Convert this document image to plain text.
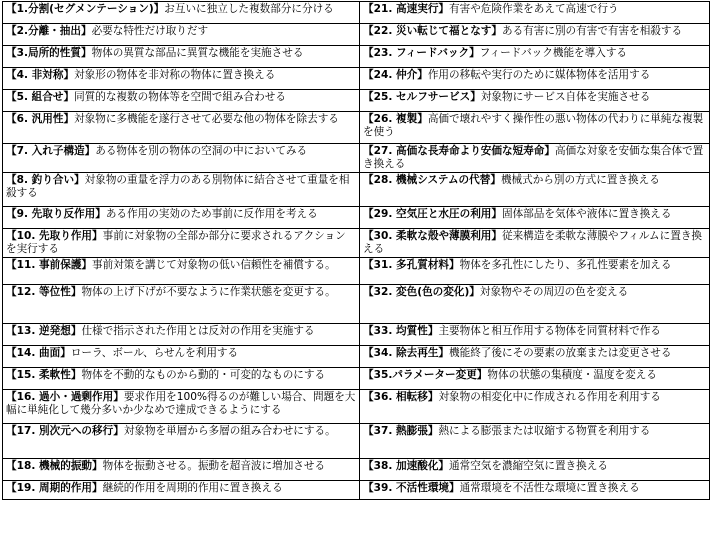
【1.分割(セグメンテーション)】お互いに独立した複数部分に分ける	【21. 高速実行】有害や危険作業をあえて高速で行う
【2.分離・抽出】必要な特性だけ取りだす	【22. 災い転じて福となす】ある有害に別の有害で有害を相殺する
【3.局所的性質】物体の異質な部品に異質な機能を実施させる	【23. フィードバック】フィードバック機能を導入する
【4. 非対称】対象形の物体を非対称の物体に置き換える	【24. 仲介】作用の移転や実行のために媒体物体を活用する
【5. 組合せ】同質的な複数の物体等を空間で組み合わせる	【25. セルフサービス】対象物にサービス自体を実施させる
【6. 汎用性】対象物に多機能を遂行させて必要な他の物体を除去する	【26. 複製】高価で壊れやすく操作性の悪い物体の代わりに単純な複製を使う
【7. 入れ子構造】ある物体を別の物体の空洞の中においてみる	【27. 高価な長寿命より安価な短寿命】高価な対象を安価な集合体で置き換える
【8. 釣り合い】対象物の重量を浮力のある別物体に結合させて重量を相殺する	【28. 機械システムの代替】機械式から別の方式に置き換える
【9. 先取り反作用】ある作用の実効のため事前に反作用を考える	【29. 空気圧と水圧の利用】固体部品を気体や液体に置き換える
【10. 先取り作用】事前に対象物の全部か部分に要求されるアクションを実行する	【30. 柔軟な殻や薄膜利用】従来構造を柔軟な薄膜やフィルムに置き換える
【11. 事前保護】事前対策を講じて対象物の低い信頼性を補償する。	【31. 多孔質材料】物体を多孔性にしたり、多孔性要素を加える
【12. 等位性】物体の上げ下げが不要なように作業状態を変更する。	【32. 変色(色の変化)】対象物やその周辺の色を変える
【13. 逆発想】仕様で指示された作用とは反対の作用を実施する	【33. 均質性】主要物体と相互作用する物体を同質材料で作る
【14. 曲面】ローラ、ボール、らせんを利用する	【34. 除去再生】機能終了後にその要素の放棄または変更させる
【15. 柔軟性】物体を不動的なものから動的・可変的なものにする	【35.パラメーター変更】物体の状態の集積度・温度を変える
【16. 過小・過剰作用】要求作用を100%得るのが難しい場合、問題を大幅に単純化して幾分多いか少なめで達成できるようにする	【36. 相転移】対象物の相変化中に作成される作用を利用する
【17. 別次元への移行】対象物を単層から多層の組み合わせにする。	【37. 熱膨張】熱による膨張または収縮する物質を利用する
【18. 機械的振動】物体を振動させる。振動を超音波に増加させる	【38. 加速酸化】通常空気を濃縮空気に置き換える
【19. 周期的作用】継続的作用を周期的作用に置き換える	【39. 不活性環境】通常環境を不活性な環境に置き換える
